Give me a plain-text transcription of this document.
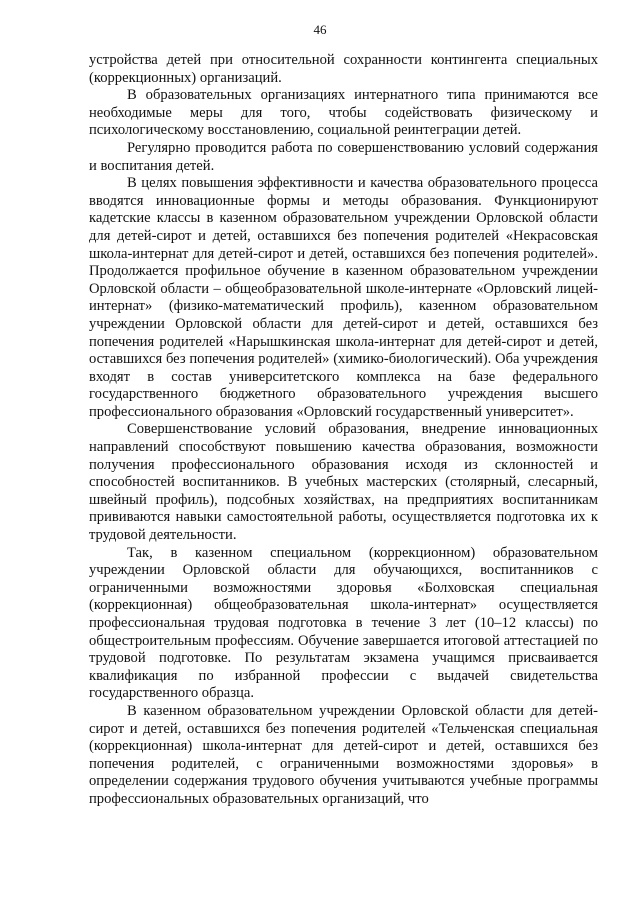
46

устройства детей при относительной сохранности контингента специальных (коррекционных) организаций.

В образовательных организациях интернатного типа принимаются все необходимые меры для того, чтобы содействовать физическому и психологическому восстановлению, социальной реинтеграции детей.

Регулярно проводится работа по совершенствованию условий содержания и воспитания детей.

В целях повышения эффективности и качества образовательного процесса вводятся инновационные формы и методы образования. Функционируют кадетские классы в казенном образовательном учреждении Орловской области для детей-сирот и детей, оставшихся без попечения родителей «Некрасовская школа-интернат для детей-сирот и детей, оставшихся без попечения родителей». Продолжается профильное обучение в казенном образовательном учреждении Орловской области – общеобразовательной школе-интернате «Орловский лицей-интернат» (физико-математический профиль), казенном образовательном учреждении Орловской области для детей-сирот и детей, оставшихся без попечения родителей «Нарышкинская школа-интернат для детей-сирот и детей, оставшихся без попечения родителей» (химико-биологический). Оба учреждения входят в состав университетского комплекса на базе федерального государственного бюджетного образовательного учреждения высшего профессионального образования «Орловский государственный университет».

Совершенствование условий образования, внедрение инновационных направлений способствуют повышению качества образования, возможности получения профессионального образования исходя из склонностей и способностей воспитанников. В учебных мастерских (столярный, слесарный, швейный профиль), подсобных хозяйствах, на предприятиях воспитанникам прививаются навыки самостоятельной работы, осуществляется подготовка их к трудовой деятельности.

Так, в казенном специальном (коррекционном) образовательном учреждении Орловской области для обучающихся, воспитанников с ограниченными возможностями здоровья «Болховская специальная (коррекционная) общеобразовательная школа-интернат» осуществляется профессиональная трудовая подготовка в течение 3 лет (10–12 классы) по общестроительным профессиям. Обучение завершается итоговой аттестацией по трудовой подготовке. По результатам экзамена учащимся присваивается квалификация по избранной профессии с выдачей свидетельства государственного образца.

В казенном образовательном учреждении Орловской области для детей-сирот и детей, оставшихся без попечения родителей «Тельченская специальная (коррекционная) школа-интернат для детей-сирот и детей, оставшихся без попечения родителей, с ограниченными возможностями здоровья» в определении содержания трудового обучения учитываются учебные программы профессиональных образовательных организаций, что
